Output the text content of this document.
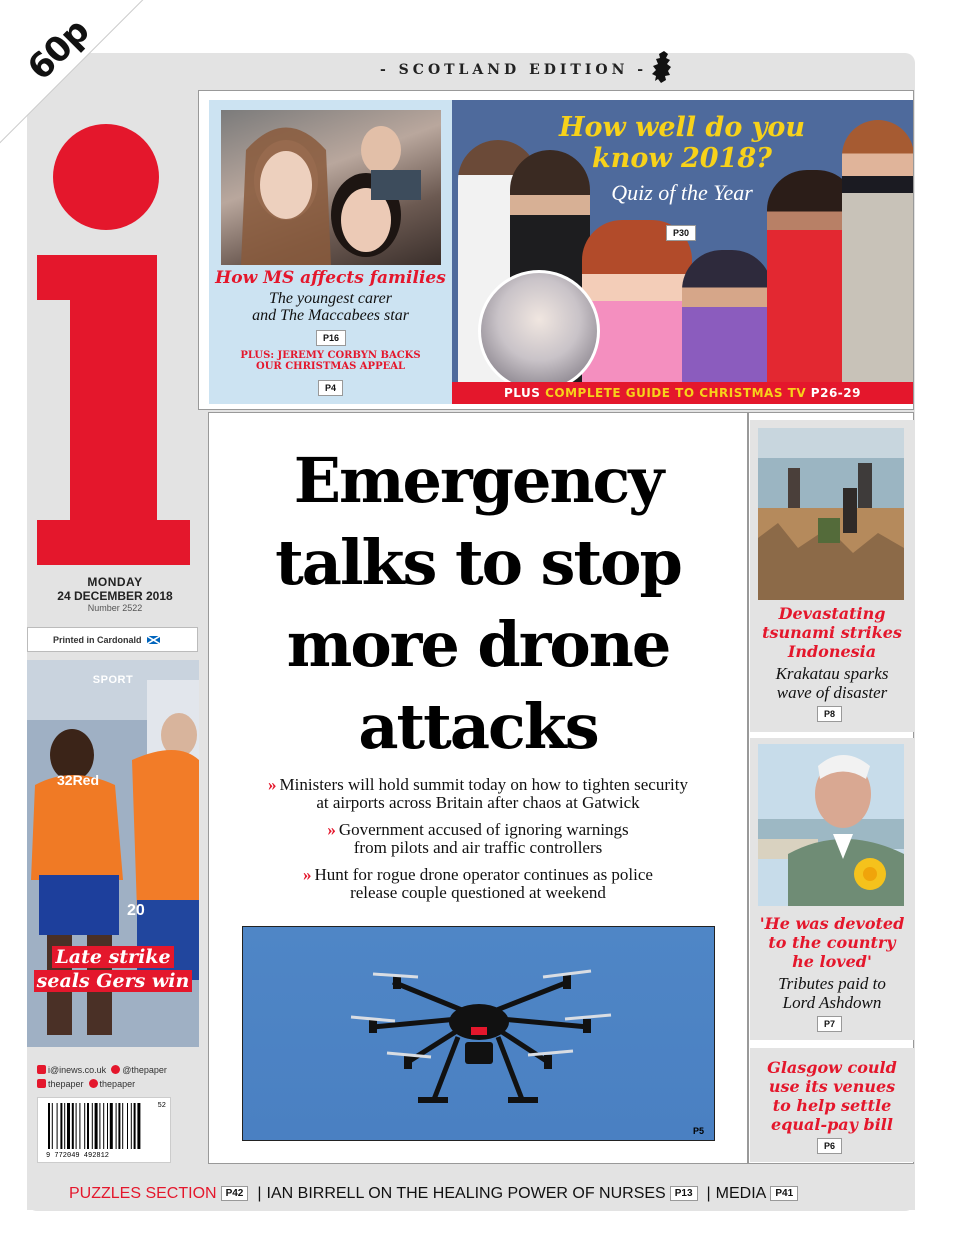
60p	- SCOTLAND EDITION -
MONDAY
24 DECEMBER 2018
Number 2522
Printed in Cardonald
32Red
20
SPORT
Late strike
seals Gers win
i@inews.co.uk @thepaper
thepaper thepaper
9 772049 492812
52
How MS affects families
The youngest carer
and The Maccabees star
P16
PLUS: JEREMY CORBYN BACKS
OUR CHRISTMAS APPEAL
P4
How well do you
know 2018?
Quiz of the Year
P30
PLUS COMPLETE GUIDE TO CHRISTMAS TV P26-29
Emergency
talks to stop
more drone
attacks

» Ministers will hold summit today on how to tighten security
at airports across Britain after chaos at Gatwick

» Government accused of ignoring warnings
from pilots and air traffic controllers

» Hunt for rogue drone operator continues as police
release couple questioned at weekend

P5
Devastating
tsunami strikes
Indonesia
Krakatau sparks
wave of disaster
P8
'He was devoted
to the country
he loved'
Tributes paid to
Lord Ashdown
P7
Glasgow could
use its venues
to help settle
equal-pay bill
P6
PUZZLES SECTION P42 | IAN BIRRELL ON THE HEALING POWER OF NURSES P13 | MEDIA P41
